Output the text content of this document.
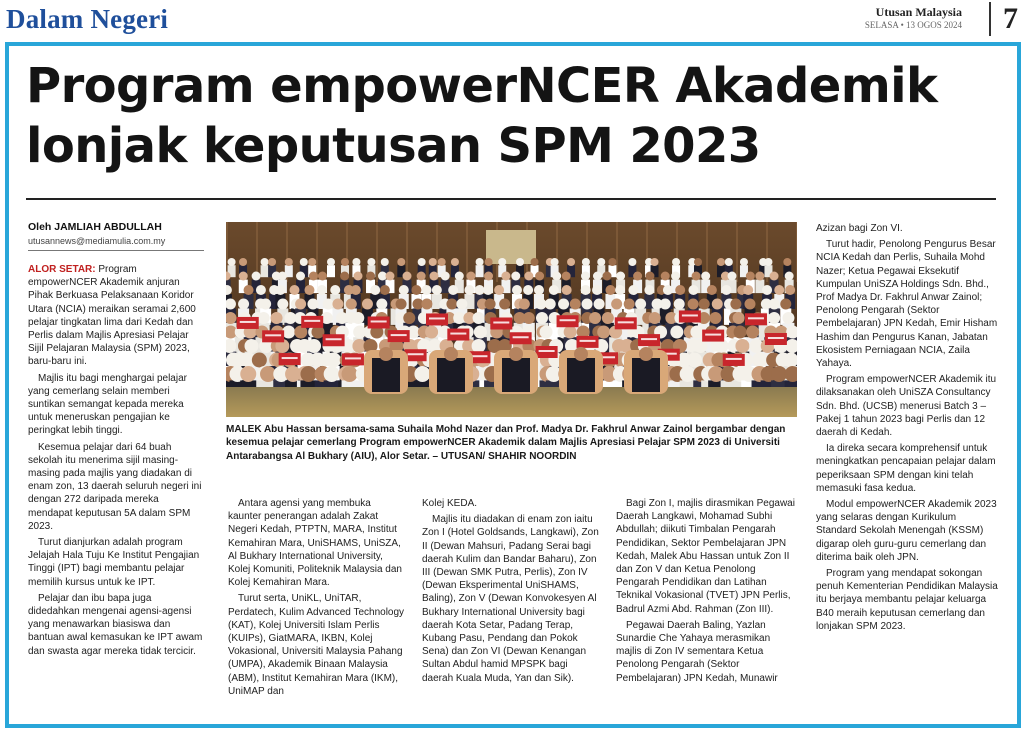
Dalam Negeri	Utusan Malaysia
SELASA • 13 OGOS 2024	7
Program empowerNCER Akademik
lonjak keputusan SPM 2023
Oleh JAMLIAH ABDULLAH
utusannews@mediamulia.com.my

ALOR SETAR: Program empowerNCER Akademik anjuran Pihak Berkuasa Pelaksanaan Koridor Utara (NCIA) meraikan seramai 2,600 pelajar tingkatan lima dari Kedah dan Perlis dalam Majlis Apresiasi Pelajar Sijil Pelajaran Malaysia (SPM) 2023, baru-baru ini.

Majlis itu bagi menghargai pelajar yang cemerlang selain memberi suntikan semangat kepada mereka untuk meneruskan pengajian ke peringkat lebih tinggi.

Kesemua pelajar dari 64 buah sekolah itu menerima sijil masing-masing pada majlis yang diadakan di enam zon, 13 daerah seluruh negeri ini dengan 272 daripada mereka mendapat keputusan 5A dalam SPM 2023.

Turut dianjurkan adalah program Jelajah Hala Tuju Ke Institut Pengajian Tinggi (IPT) bagi membantu pelajar memilih kursus untuk ke IPT.

Pelajar dan ibu bapa juga didedahkan mengenai agensi-agensi yang menawarkan biasiswa dan bantuan awal kemasukan ke IPT awam dan swasta agar mereka tidak tercicir.

MALEK Abu Hassan bersama-sama Suhaila Mohd Nazer dan Prof. Madya Dr. Fakhrul Anwar Zainol bergambar dengan kesemua pelajar cemerlang Program empowerNCER Akademik dalam Majlis Apresiasi Pelajar SPM 2023 di Universiti Antarabangsa Al Bukhary (AIU), Alor Setar. – UTUSAN/ SHAHIR NOORDIN

Antara agensi yang membuka kaunter penerangan adalah Zakat Negeri Kedah, PTPTN, MARA, Institut Kemahiran Mara, UniSHAMS, UniSZA, Al Bukhary International University, Kolej Komuniti, Politeknik Malaysia dan Kolej Kemahiran Mara.

Turut serta, UniKL, UniTAR, Perdatech, Kulim Advanced Technology (KAT), Kolej Universiti Islam Perlis (KUIPs), GiatMARA, IKBN, Kolej Vokasional, Universiti Malaysia Pahang (UMPA), Akademik Binaan Malaysia (ABM), Institut Kemahiran Mara (IKM), UniMAP dan

Kolej KEDA.

Majlis itu diadakan di enam zon iaitu Zon I (Hotel Goldsands, Langkawi), Zon II (Dewan Mahsuri, Padang Serai bagi daerah Kulim dan Bandar Baharu), Zon III (Dewan SMK Putra, Perlis), Zon IV (Dewan Eksperimental UniSHAMS, Baling), Zon V (Dewan Konvokesyen Al Bukhary International University bagi daerah Kota Setar, Padang Terap, Kubang Pasu, Pendang dan Pokok Sena) dan Zon VI (Dewan Kenangan Sultan Abdul hamid MPSPK bagi daerah Kuala Muda, Yan dan Sik).

Bagi Zon I, majlis dirasmikan Pegawai Daerah Langkawi, Mohamad Subhi Abdullah; diikuti Timbalan Pengarah Pendidikan, Sektor Pembelajaran JPN Kedah, Malek Abu Hassan untuk Zon II dan Zon V dan Ketua Penolong Pengarah Pendidikan dan Latihan Teknikal Vokasional (TVET) JPN Perlis, Badrul Azmi Abd. Rahman (Zon III).

Pegawai Daerah Baling, Yazlan Sunardie Che Yahaya merasmikan majlis di Zon IV sementara Ketua Penolong Pengarah (Sektor Pembelajaran) JPN Kedah, Munawir

Azizan bagi Zon VI.

Turut hadir, Penolong Pengurus Besar NCIA Kedah dan Perlis, Suhaila Mohd Nazer; Ketua Pegawai Eksekutif Kumpulan UniSZA Holdings Sdn. Bhd., Prof Madya Dr. Fakhrul Anwar Zainol; Penolong Pengarah (Sektor Pembelajaran) JPN Kedah, Emir Hisham Hashim dan Pengurus Kanan, Jabatan Ekosistem Perniagaan NCIA, Zaila Yahaya.

Program empowerNCER Akademik itu dilaksanakan oleh UniSZA Consultancy Sdn. Bhd. (UCSB) menerusi Batch 3 – Pakej 1 tahun 2023 bagi Perlis dan 12 daerah di Kedah.

Ia direka secara komprehensif untuk meningkatkan pencapaian pelajar dalam peperiksaan SPM dengan kini telah memasuki fasa kedua.

Modul empowerNCER Akademik 2023 yang selaras dengan Kurikulum Standard Sekolah Menengah (KSSM) digarap oleh guru-guru cemerlang dan diterima baik oleh JPN.

Program yang mendapat sokongan penuh Kementerian Pendidikan Malaysia itu berjaya membantu pelajar keluarga B40 meraih keputusan cemerlang dan lonjakan SPM 2023.
